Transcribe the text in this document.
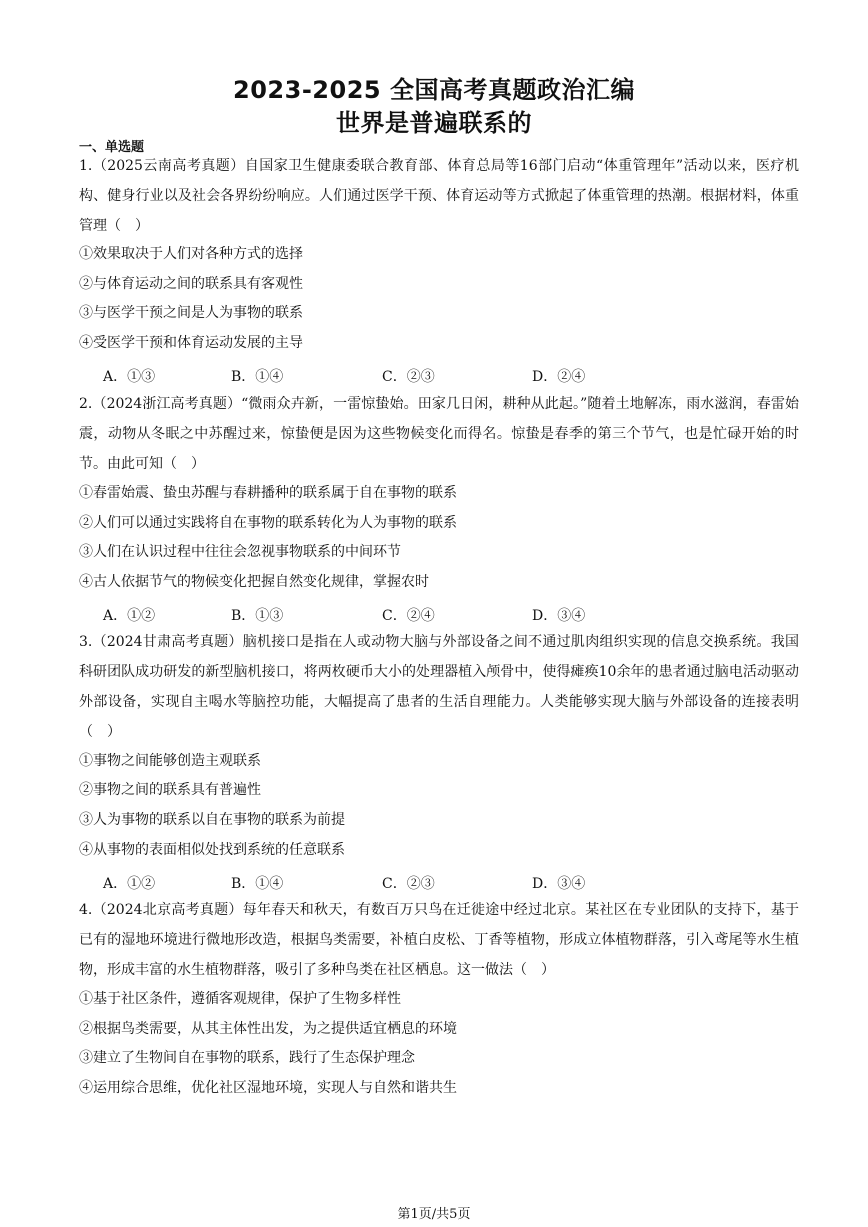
2023-2025 全国高考真题政治汇编
世界是普遍联系的
一、单选题
1.（2025云南高考真题）自国家卫生健康委联合教育部、体育总局等16部门启动“体重管理年”活动以来，医疗机构、健身行业以及社会各界纷纷响应。人们通过医学干预、体育运动等方式掀起了体重管理的热潮。根据材料，体重管理（　）
①效果取决于人们对各种方式的选择
②与体育运动之间的联系具有客观性
③与医学干预之间是人为事物的联系
④受医学干预和体育运动发展的主导
A．①③	B．①④	C．②③	D．②④
2.（2024浙江高考真题）“微雨众卉新，一雷惊蛰始。田家几日闲，耕种从此起。”随着土地解冻，雨水滋润，春雷始震，动物从冬眠之中苏醒过来，惊蛰便是因为这些物候变化而得名。惊蛰是春季的第三个节气，也是忙碌开始的时节。由此可知（　）
①春雷始震、蛰虫苏醒与春耕播种的联系属于自在事物的联系
②人们可以通过实践将自在事物的联系转化为人为事物的联系
③人们在认识过程中往往会忽视事物联系的中间环节
④古人依据节气的物候变化把握自然变化规律，掌握农时
A．①②	B．①③	C．②④	D．③④
3.（2024甘肃高考真题）脑机接口是指在人或动物大脑与外部设备之间不通过肌肉组织实现的信息交换系统。我国科研团队成功研发的新型脑机接口，将两枚硬币大小的处理器植入颅骨中，使得瘫痪10余年的患者通过脑电活动驱动外部设备，实现自主喝水等脑控功能，大幅提高了患者的生活自理能力。人类能够实现大脑与外部设备的连接表明（　）
①事物之间能够创造主观联系
②事物之间的联系具有普遍性
③人为事物的联系以自在事物的联系为前提
④从事物的表面相似处找到系统的任意联系
A．①②	B．①④	C．②③	D．③④
4.（2024北京高考真题）每年春天和秋天，有数百万只鸟在迁徙途中经过北京。某社区在专业团队的支持下，基于已有的湿地环境进行微地形改造，根据鸟类需要，补植白皮松、丁香等植物，形成立体植物群落，引入鸢尾等水生植物，形成丰富的水生植物群落，吸引了多种鸟类在社区栖息。这一做法（　）
①基于社区条件，遵循客观规律，保护了生物多样性
②根据鸟类需要，从其主体性出发，为之提供适宜栖息的环境
③建立了生物间自在事物的联系，践行了生态保护理念
④运用综合思维，优化社区湿地环境，实现人与自然和谐共生
第1页/共5页
